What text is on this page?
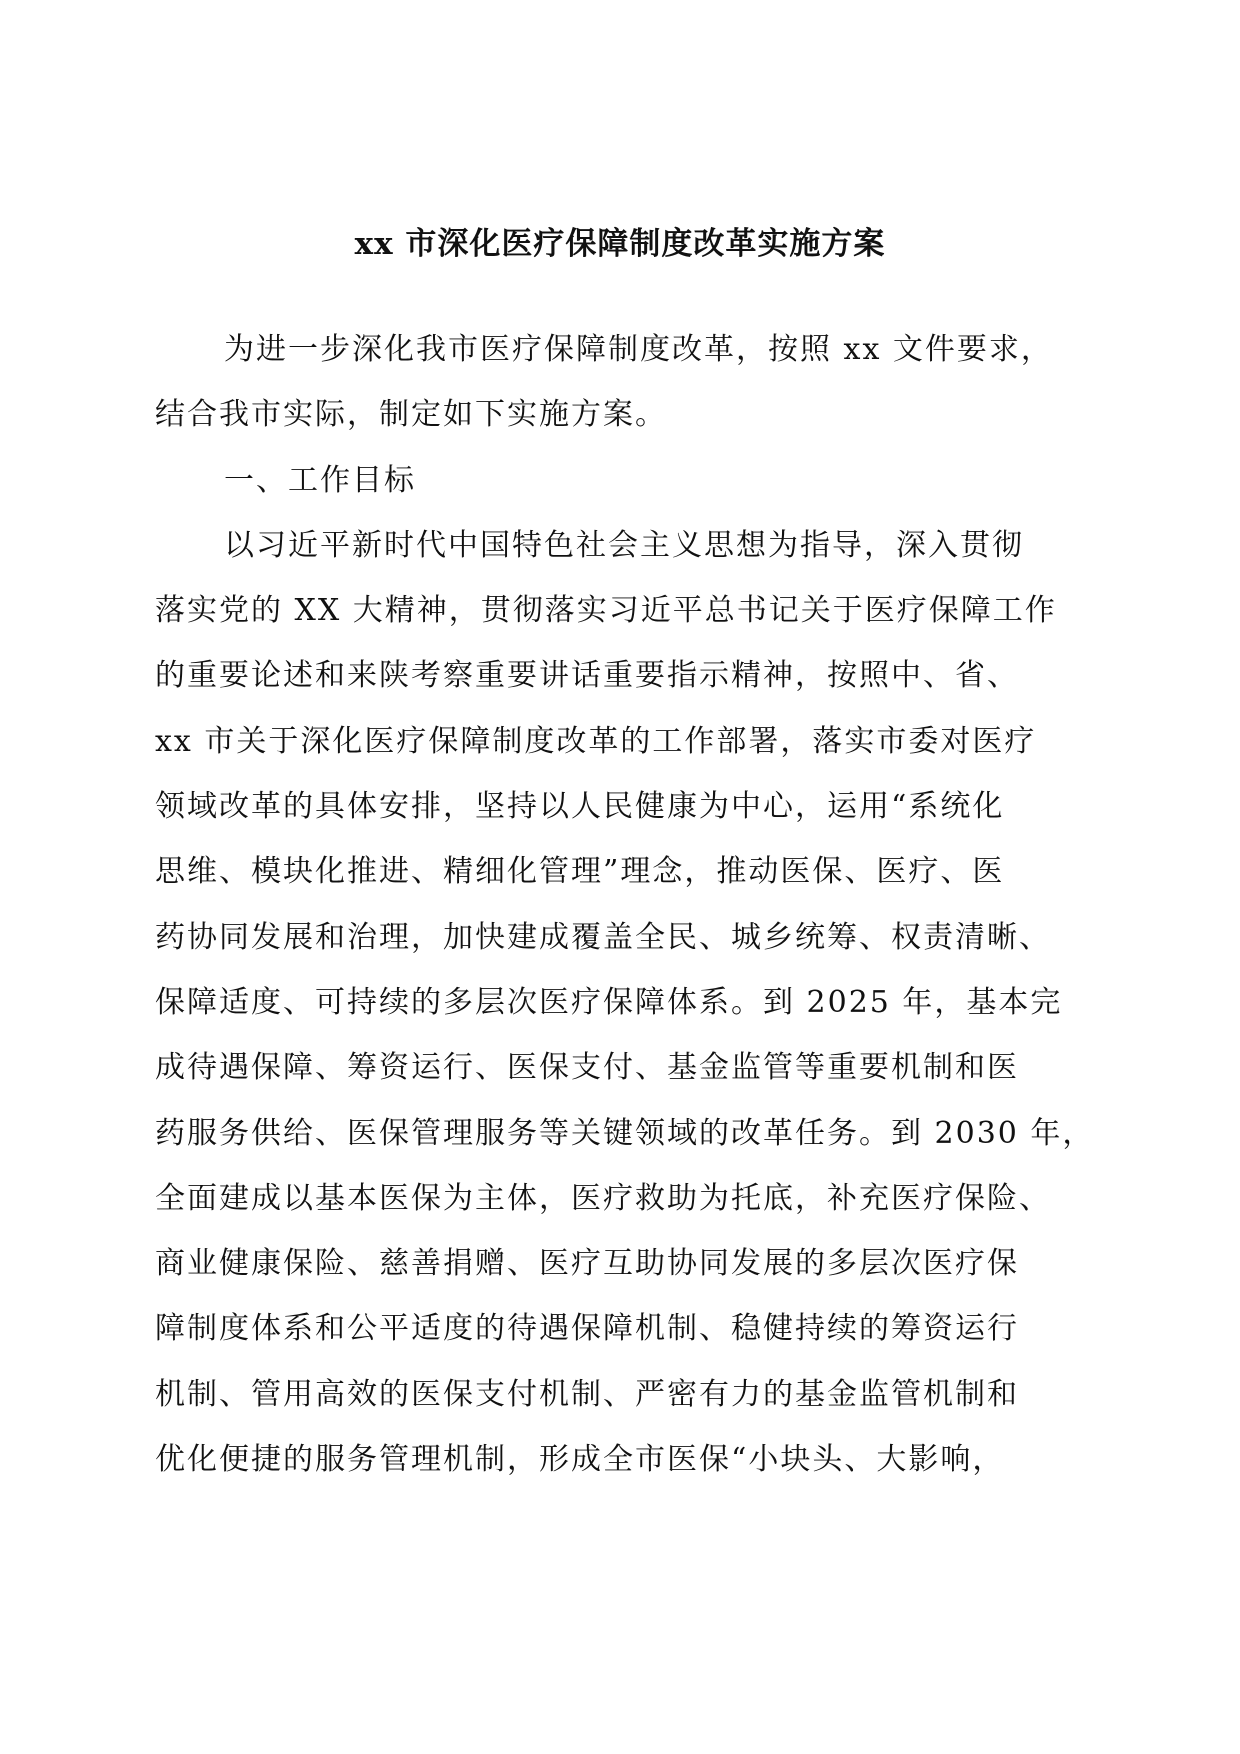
xx 市深化医疗保障制度改革实施方案
为进一步深化我市医疗保障制度改革，按照 xx 文件要求，
结合我市实际，制定如下实施方案。
一、工作目标
以习近平新时代中国特色社会主义思想为指导，深入贯彻
落实党的 XX 大精神，贯彻落实习近平总书记关于医疗保障工作
的重要论述和来陕考察重要讲话重要指示精神，按照中、省、
xx 市关于深化医疗保障制度改革的工作部署，落实市委对医疗
领域改革的具体安排，坚持以人民健康为中心，运用“系统化
思维、模块化推进、精细化管理”理念，推动医保、医疗、医
药协同发展和治理，加快建成覆盖全民、城乡统筹、权责清晰、
保障适度、可持续的多层次医疗保障体系。到 2025 年，基本完
成待遇保障、筹资运行、医保支付、基金监管等重要机制和医
药服务供给、医保管理服务等关键领域的改革任务。到 2030 年，
全面建成以基本医保为主体，医疗救助为托底，补充医疗保险、
商业健康保险、慈善捐赠、医疗互助协同发展的多层次医疗保
障制度体系和公平适度的待遇保障机制、稳健持续的筹资运行
机制、管用高效的医保支付机制、严密有力的基金监管机制和
优化便捷的服务管理机制，形成全市医保“小块头、大影响，
